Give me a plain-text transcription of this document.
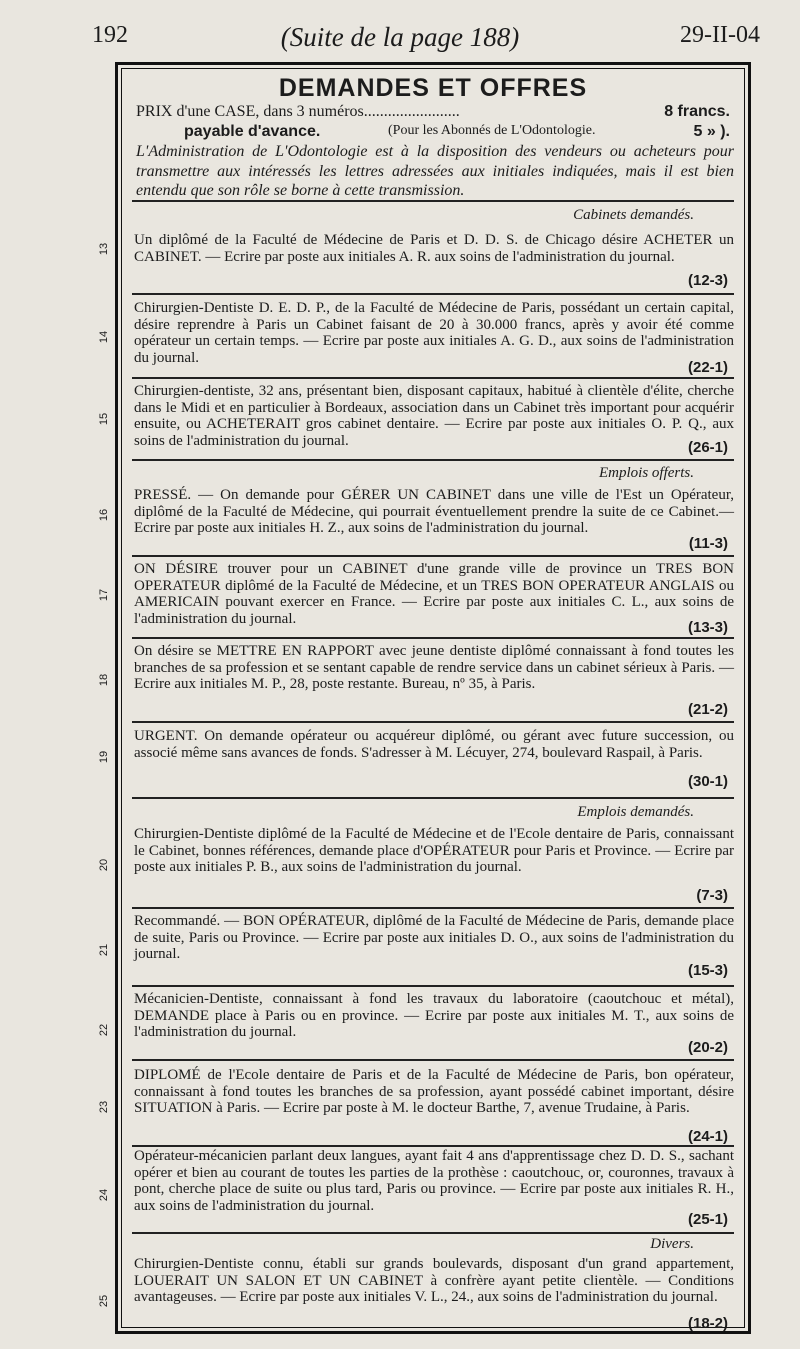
192	(Suite de la page 188)	29-II-04
DEMANDES ET OFFRES
PRIX d'une CASE, dans 3 numéros........................	8 francs.
payable d'avance.	(Pour les Abonnés de L'Odontologie.	5 » ).
L'Administration de L'Odontologie est à la disposition des vendeurs ou acheteurs pour transmettre aux intéressés les lettres adressées aux initiales indiquées, mais il est bien entendu que son rôle se borne à cette transmission.
Cabinets demandés.
Un diplômé de la Faculté de Médecine de Paris et D. D. S. de Chicago désire ACHETER un CABINET. — Ecrire par poste aux initiales A. R. aux soins de l'administration du journal.
13
(12-3)
Chirurgien-Dentiste D. E. D. P., de la Faculté de Médecine de Paris, possédant un certain capital, désire reprendre à Paris un Cabinet faisant de 20 à 30.000 francs, après y avoir été comme opérateur un certain temps. — Ecrire par poste aux initiales A. G. D., aux soins de l'administration du journal.
14
(22-1)
Chirurgien-dentiste, 32 ans, présentant bien, disposant capitaux, habitué à clientèle d'élite, cherche dans le Midi et en particulier à Bordeaux, association dans un Cabinet très important pour acquérir ensuite, ou ACHETERAIT gros cabinet dentaire. — Ecrire par poste aux initiales O. P. Q., aux soins de l'administration du journal.
15
(26-1)
Emplois offerts.
PRESSÉ. — On demande pour GÉRER UN CABINET dans une ville de l'Est un Opérateur, diplômé de la Faculté de Médecine, qui pourrait éventuellement prendre la suite de ce Cabinet.— Ecrire par poste aux initiales H. Z., aux soins de l'administration du journal.
16
(11-3)
ON DÉSIRE trouver pour un CABINET d'une grande ville de province un TRES BON OPERATEUR diplômé de la Faculté de Médecine, et un TRES BON OPERATEUR ANGLAIS ou AMERICAIN pouvant exercer en France. — Ecrire par poste aux initiales C. L., aux soins de l'administration du journal.
17
(13-3)
On désire se METTRE EN RAPPORT avec jeune dentiste diplômé connaissant à fond toutes les branches de sa profession et se sentant capable de rendre service dans un cabinet sérieux à Paris. — Ecrire aux initiales M. P., 28, poste restante. Bureau, nº 35, à Paris.
18
(21-2)
URGENT. On demande opérateur ou acquéreur diplômé, ou gérant avec future succession, ou associé même sans avances de fonds. S'adresser à M. Lécuyer, 274, boulevard Raspail, à Paris.
19
(30-1)
Emplois demandés.
Chirurgien-Dentiste diplômé de la Faculté de Médecine et de l'Ecole dentaire de Paris, connaissant le Cabinet, bonnes références, demande place d'OPÉRATEUR pour Paris et Province. — Ecrire par poste aux initiales P. B., aux soins de l'administration du journal.
20
(7-3)
Recommandé. — BON OPÉRATEUR, diplômé de la Faculté de Médecine de Paris, demande place de suite, Paris ou Province. — Ecrire par poste aux initiales D. O., aux soins de l'administration du journal.
21
(15-3)
Mécanicien-Dentiste, connaissant à fond les travaux du laboratoire (caoutchouc et métal), DEMANDE place à Paris ou en province. — Ecrire par poste aux initiales M. T., aux soins de l'administration du journal.
22
(20-2)
DIPLOMÉ de l'Ecole dentaire de Paris et de la Faculté de Médecine de Paris, bon opérateur, connaissant à fond toutes les branches de sa profession, ayant possédé cabinet important, désire SITUATION à Paris. — Ecrire par poste à M. le docteur Barthe, 7, avenue Trudaine, à Paris.
23
(24-1)
Opérateur-mécanicien parlant deux langues, ayant fait 4 ans d'apprentissage chez D. D. S., sachant opérer et bien au courant de toutes les parties de la prothèse : caoutchouc, or, couronnes, travaux à pont, cherche place de suite ou plus tard, Paris ou province. — Ecrire par poste aux initiales R. H., aux soins de l'administration du journal.
24
(25-1)
Divers.
Chirurgien-Dentiste connu, établi sur grands boulevards, disposant d'un grand appartement, LOUERAIT UN SALON ET UN CABINET à confrère ayant petite clientèle. — Conditions avantageuses. — Ecrire par poste aux initiales V. L., 24., aux soins de l'administration du journal.
25
(18-2)
